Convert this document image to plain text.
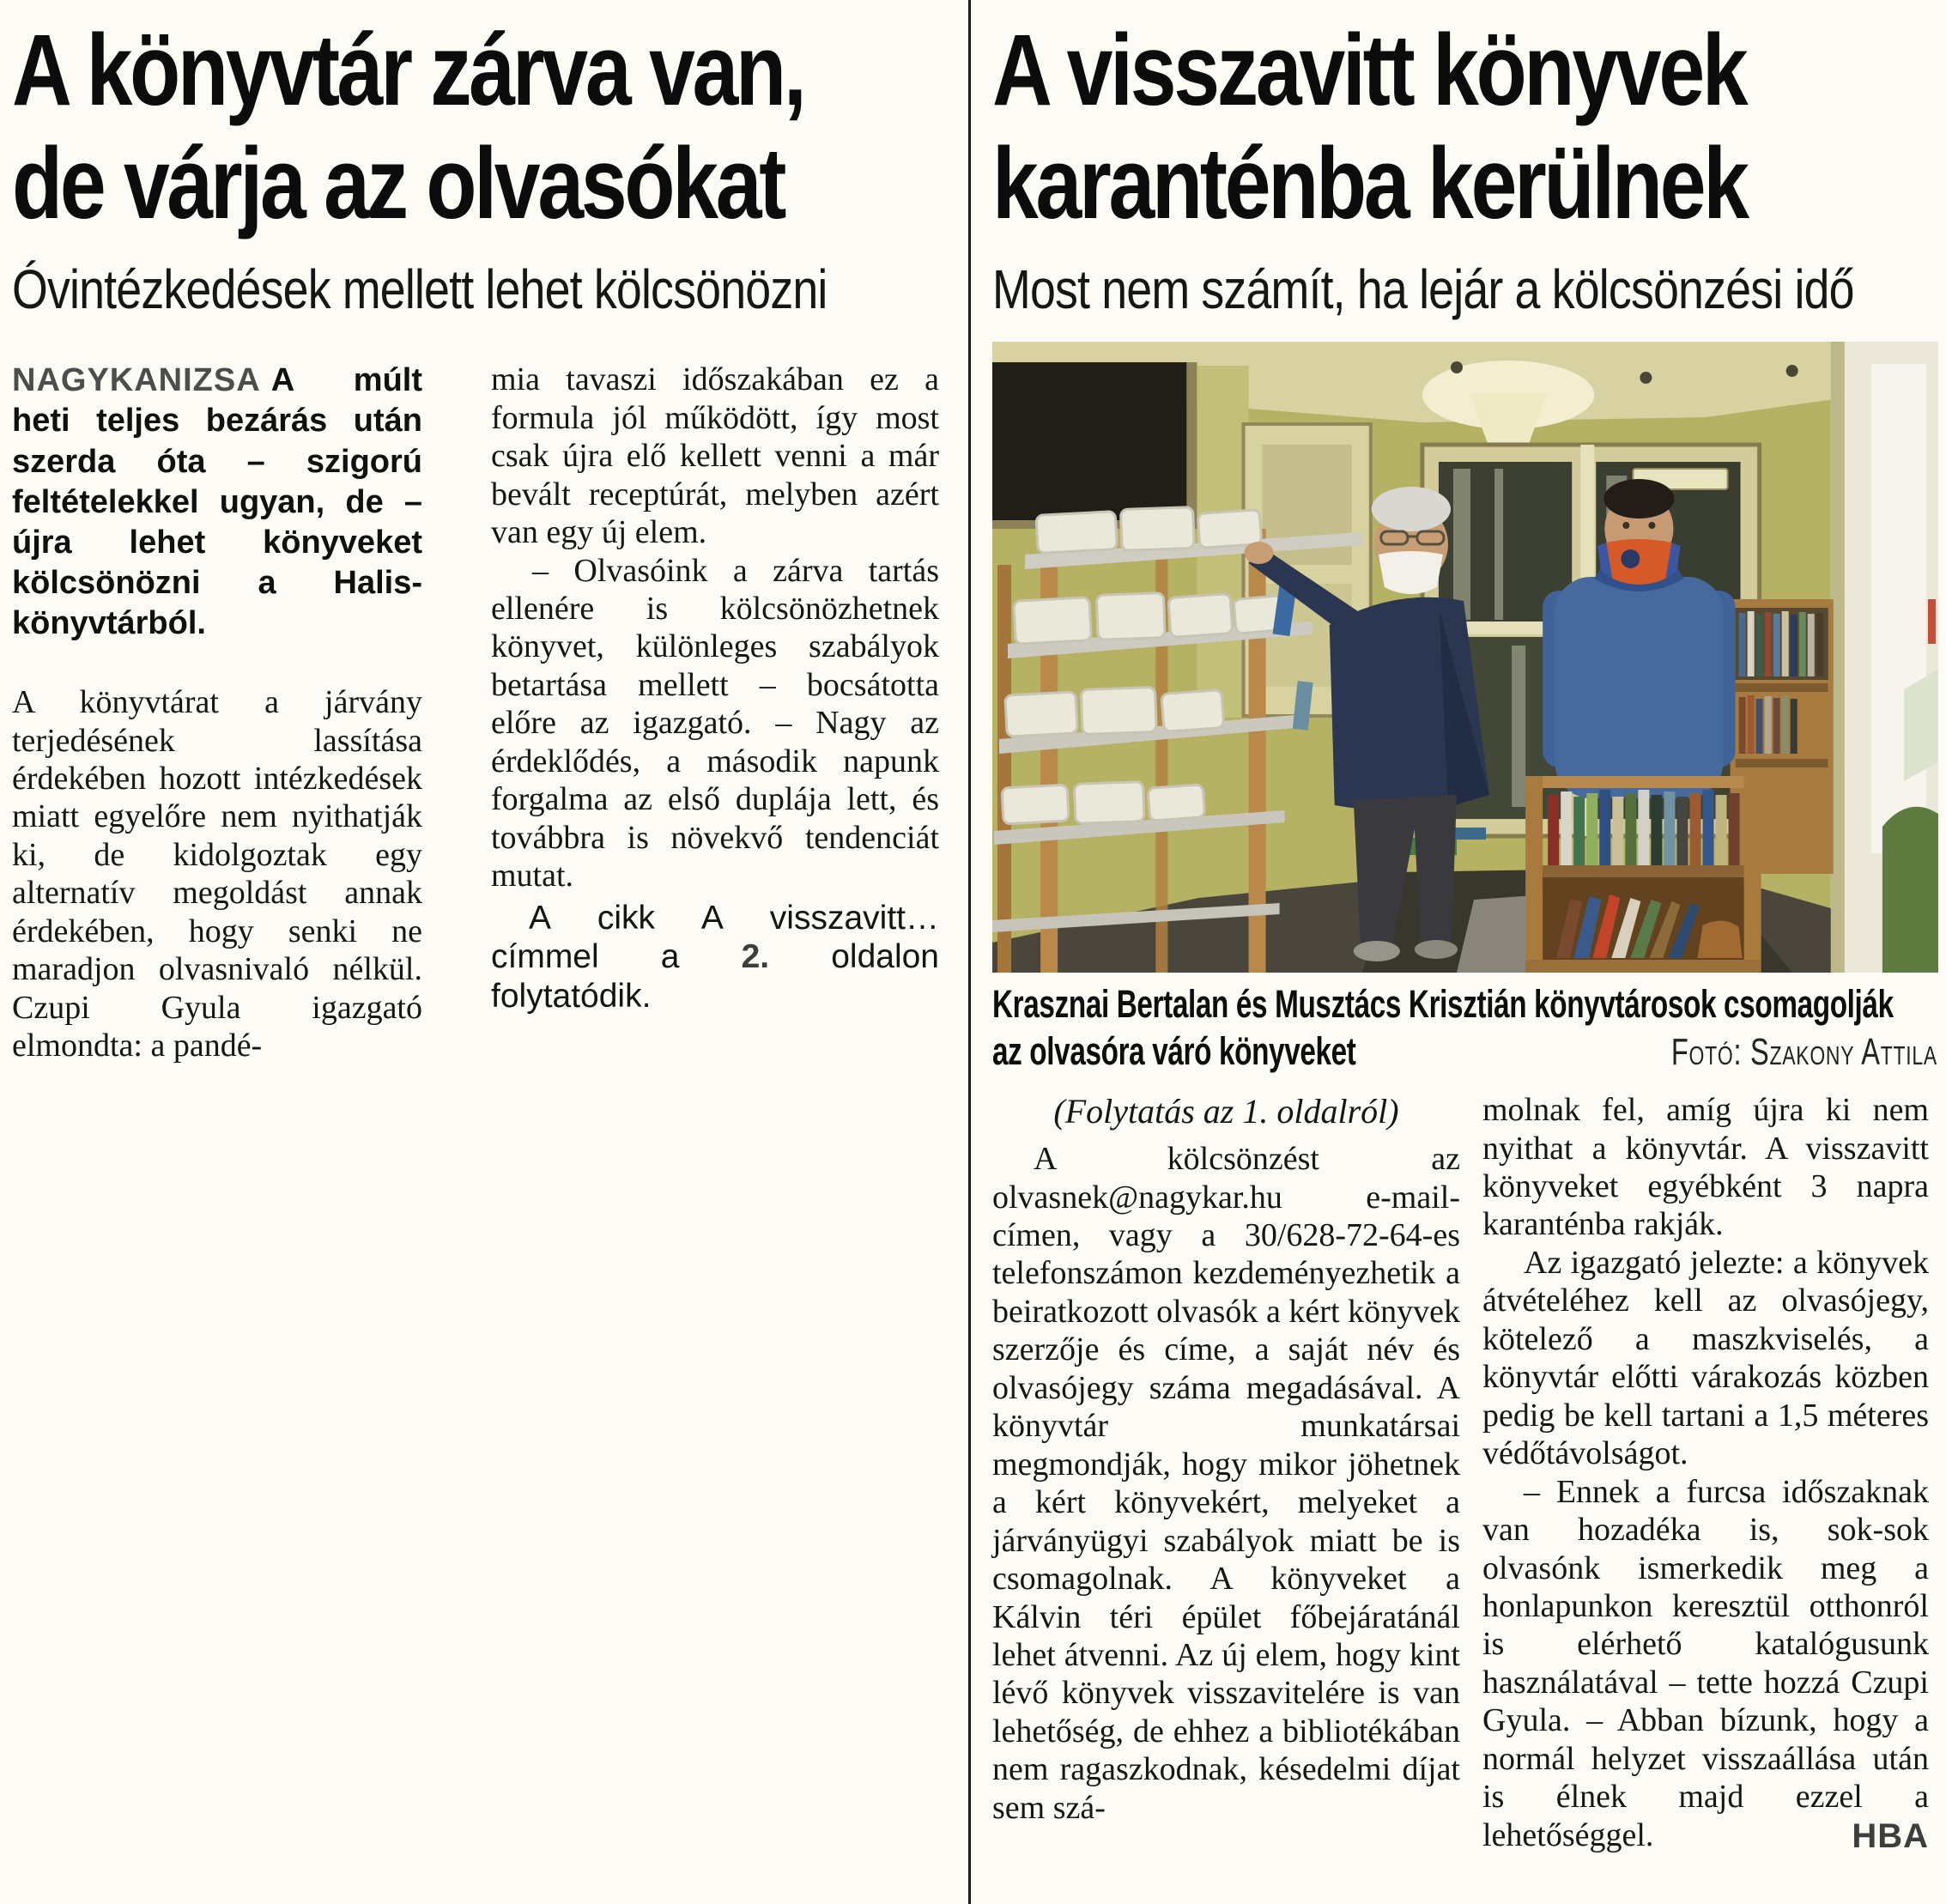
A könyvtár zárva van,
de várja az olvasókat
Óvintézkedések mellett lehet kölcsönözni

NAGYKANIZSA A múlt heti teljes bezárás után szerda óta – szigorú feltételekkel ugyan, de – újra lehet könyveket kölcsönözni a Halis-könyvtárból.

A könyvtárat a járvány terjedésének lassítása érdekében hozott intézkedések miatt egyelőre nem nyithatják ki, de kidolgoztak egy alternatív megoldást annak érdekében, hogy senki ne maradjon olvasnivaló nélkül. Czupi Gyula igazgató elmondta: a pandé-

mia tavaszi időszakában ez a formula jól működött, így most csak újra elő kellett venni a már bevált receptúrát, melyben azért van egy új elem.

– Olvasóink a zárva tartás ellenére is kölcsönözhetnek könyvet, különleges szabályok betartása mellett – bocsátotta előre az igazgató. – Nagy az érdeklődés, a második napunk forgalma az első duplája lett, és továbbra is növekvő tendenciát mutat.

A cikk A visszavitt… címmel a 2. oldalon folytatódik.

A visszavitt könyvek
karanténba kerülnek
Most nem számít, ha lejár a kölcsönzési idő
Krasznai Bertalan és Musztács Krisztián könyvtárosok csomagolják
az olvasóra váró könyveket	Fotó: Szakony Attila

(Folytatás az 1. oldalról)

A kölcsönzést az olvasnek@nagykar.hu e-mail-címen, vagy a 30/628-72-64-es telefonszámon kezdeményezhetik a beiratkozott olvasók a kért könyvek szerzője és címe, a saját név és olvasójegy száma megadásával. A könyvtár munkatársai megmondják, hogy mikor jöhetnek a kért könyvekért, melyeket a járványügyi szabályok miatt be is csomagolnak. A könyveket a Kálvin téri épület főbejáratánál lehet átvenni. Az új elem, hogy kint lévő könyvek visszavitelére is van lehetőség, de ehhez a bibliotékában nem ragaszkodnak, késedelmi díjat sem szá-

molnak fel, amíg újra ki nem nyithat a könyvtár. A visszavitt könyveket egyébként 3 napra karanténba rakják.

Az igazgató jelezte: a könyvek átvételéhez kell az olvasójegy, kötelező a maszkviselés, a könyvtár előtti várakozás közben pedig be kell tartani a 1,5 méteres védőtávolságot.

– Ennek a furcsa időszaknak van hozadéka is, sok-sok olvasónk ismerkedik meg a honlapunkon keresztül otthonról is elérhető katalógusunk használatával – tette hozzá Czupi Gyula. – Abban bízunk, hogy a normál helyzet visszaállása után is élnek majd ezzel a lehetőséggel.	HBA
